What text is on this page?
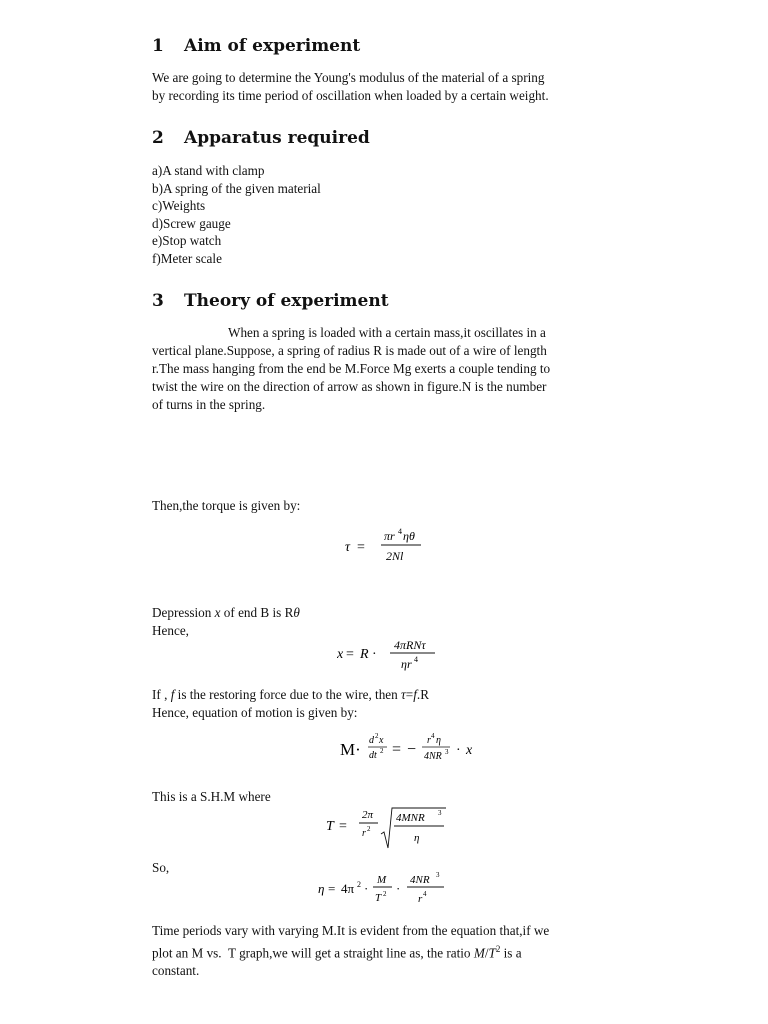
1 Aim of experiment
We are going to determine the Young's modulus of the material of a spring
by recording its time period of oscillation when loaded by a certain weight.
2 Apparatus required
a)A stand with clamp
b)A spring of the given material
c)Weights
d)Screw gauge
e)Stop watch
f)Meter scale
3 Theory of experiment
When a spring is loaded with a certain mass,it oscillates in a
vertical plane.Suppose, a spring of radius R is made out of a wire of length
r.The mass hanging from the end be M.Force Mg exerts a couple tending to
twist the wire on the direction of arrow as shown in figure.N is the number
of turns in the spring.
Then,the torque is given by:
τ =
πr 4 ηθ
2Nl
Depression x of end B is Rθ
Hence,
x = R ·
4πRNτ
ηr 4
If , f is the restoring force due to the wire, then τ=f.R
Hence, equation of motion is given by:
M· d 2 x
dt 2 = −
r 4 η
4NR 3 · x
This is a S.H.M where
T =
2π
r 2
4MNR 3
η
So,
η = 4π 2 ·
M
T 2 ·
4NR 3
r 4
Time periods vary with varying M.It is evident from the equation that,if we
plot an M vs.  T graph,we will get a straight line as, the ratio $M/T^2$ is a
constant.
